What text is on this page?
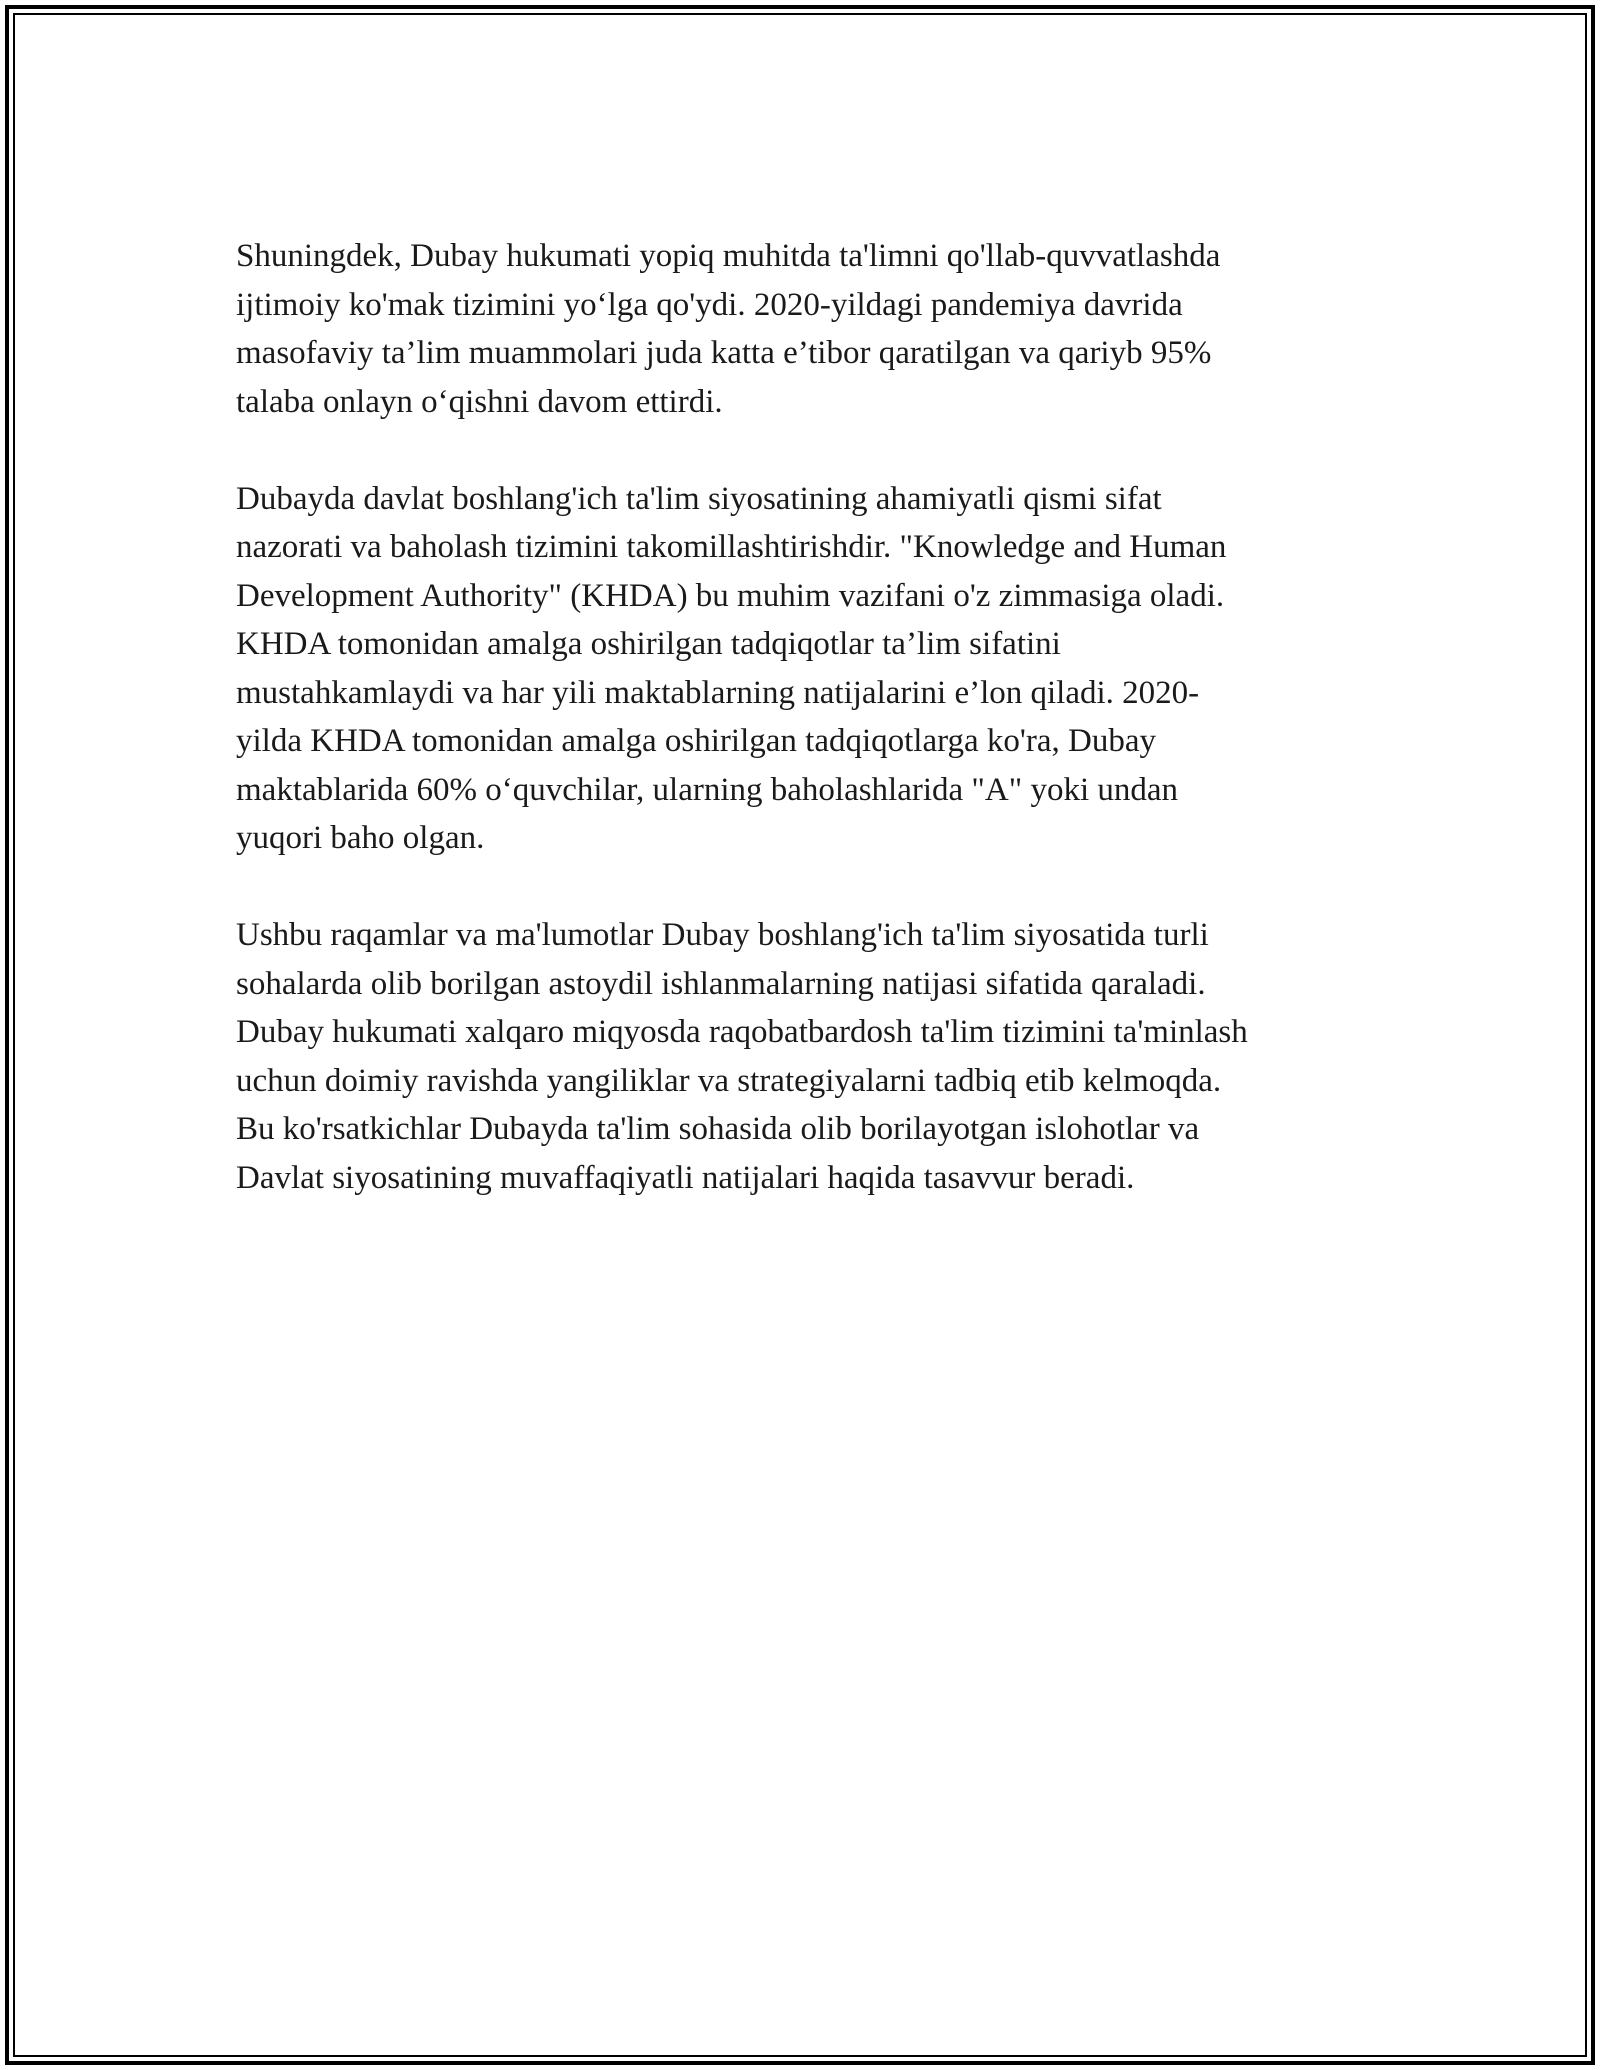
Shuningdek, Dubay hukumati yopiq muhitda ta'limni qo'llab-quvvatlashda

ijtimoiy ko'mak tizimini yo‘lga qo'ydi. 2020-yildagi pandemiya davrida

masofaviy ta’lim muammolari juda katta e’tibor qaratilgan va qariyb 95%

talaba onlayn o‘qishni davom ettirdi.

Dubayda davlat boshlang'ich ta'lim siyosatining ahamiyatli qismi sifat

nazorati va baholash tizimini takomillashtirishdir. "Knowledge and Human

Development Authority" (KHDA) bu muhim vazifani o'z zimmasiga oladi.

KHDA tomonidan amalga oshirilgan tadqiqotlar ta’lim sifatini

mustahkamlaydi va har yili maktablarning natijalarini e’lon qiladi. 2020-

yilda KHDA tomonidan amalga oshirilgan tadqiqotlarga ko'ra, Dubay

maktablarida 60% o‘quvchilar, ularning baholashlarida "A" yoki undan

yuqori baho olgan.

Ushbu raqamlar va ma'lumotlar Dubay boshlang'ich ta'lim siyosatida turli

sohalarda olib borilgan astoydil ishlanmalarning natijasi sifatida qaraladi.

Dubay hukumati xalqaro miqyosda raqobatbardosh ta'lim tizimini ta'minlash

uchun doimiy ravishda yangiliklar va strategiyalarni tadbiq etib kelmoqda.

Bu ko'rsatkichlar Dubayda ta'lim sohasida olib borilayotgan islohotlar va

Davlat siyosatining muvaffaqiyatli natijalari haqida tasavvur beradi.
